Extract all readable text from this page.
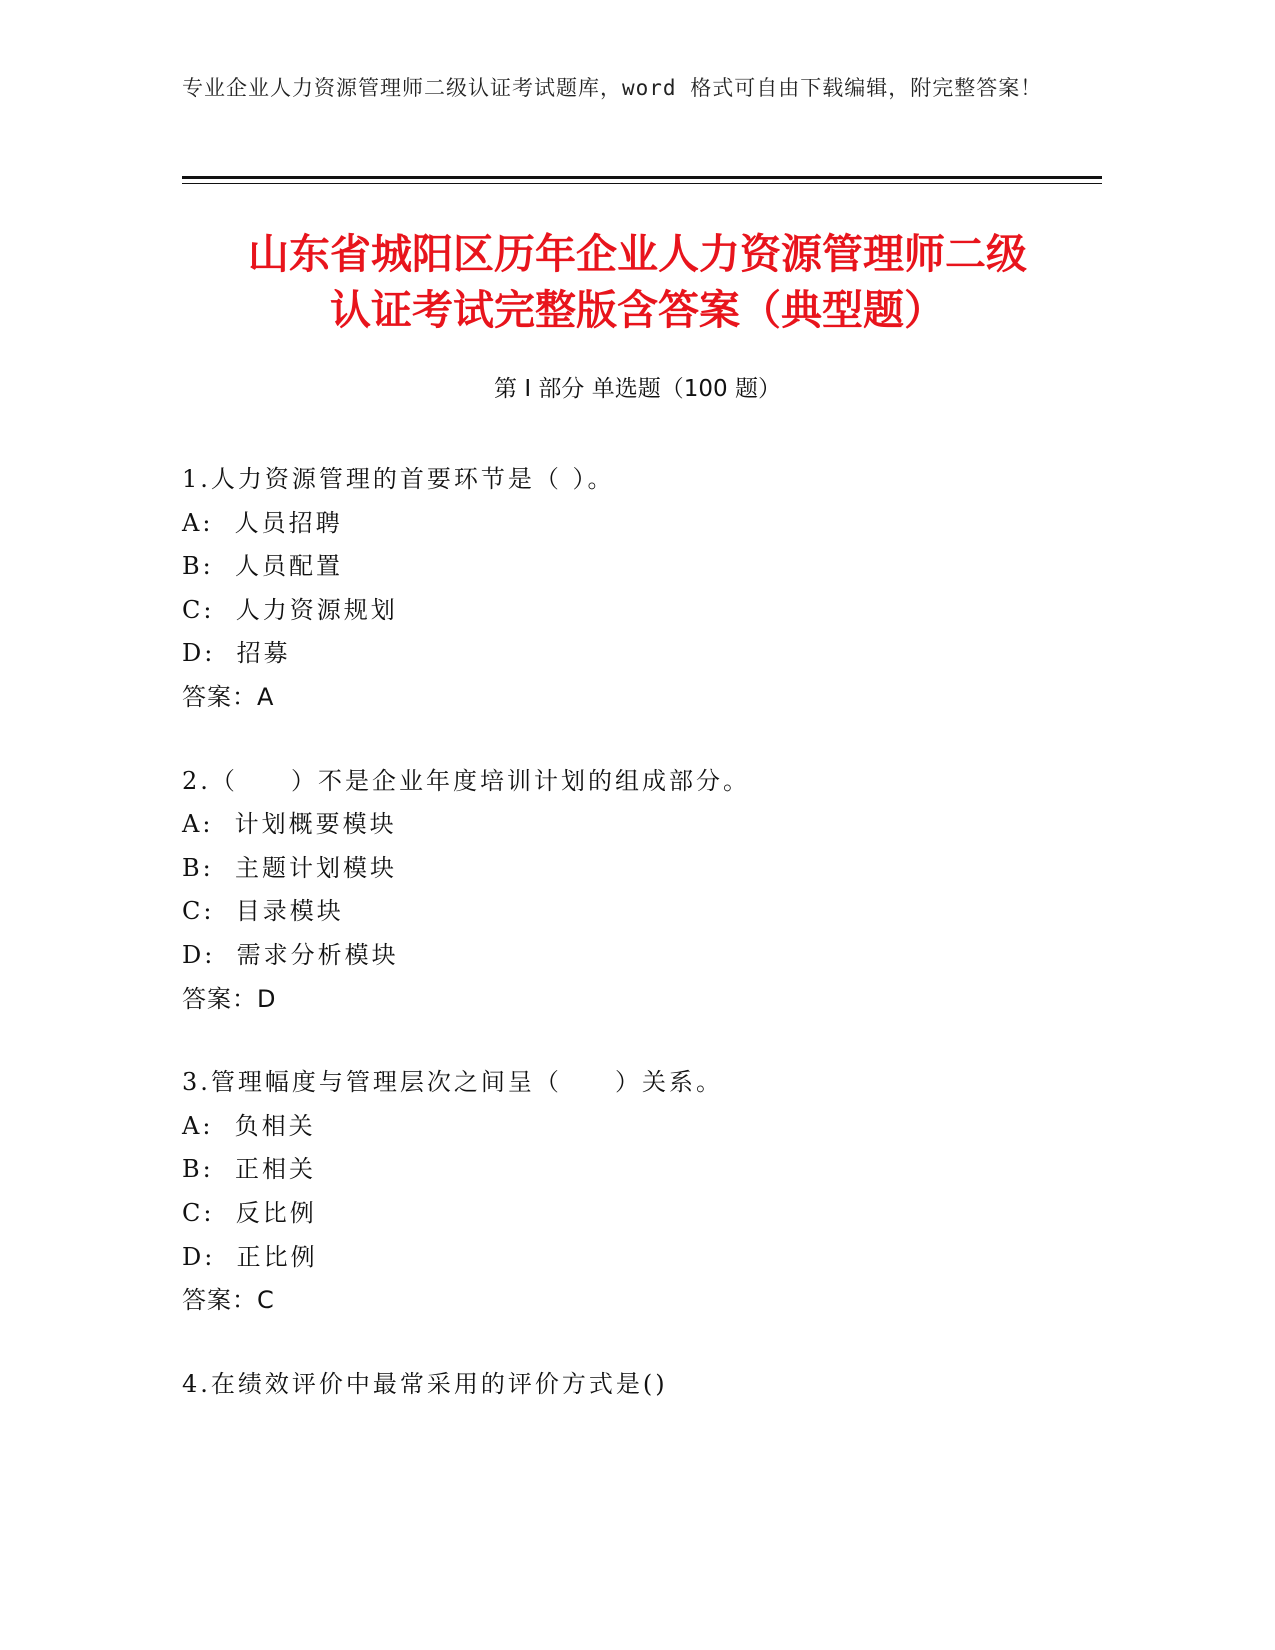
专业企业人力资源管理师二级认证考试题库，word 格式可自由下载编辑，附完整答案！
山东省城阳区历年企业人力资源管理师二级
认证考试完整版含答案（典型题）
第 I 部分 单选题（100 题）
1.人力资源管理的首要环节是（ ）。
A:  人员招聘
B:  人员配置
C:  人力资源规划
D:  招募
答案：A
2.（     ）不是企业年度培训计划的组成部分。
A:  计划概要模块
B:  主题计划模块
C:  目录模块
D:  需求分析模块
答案：D
3.管理幅度与管理层次之间呈（     ）关系。
A:  负相关
B:  正相关
C:  反比例
D:  正比例
答案：C
4.在绩效评价中最常采用的评价方式是()
